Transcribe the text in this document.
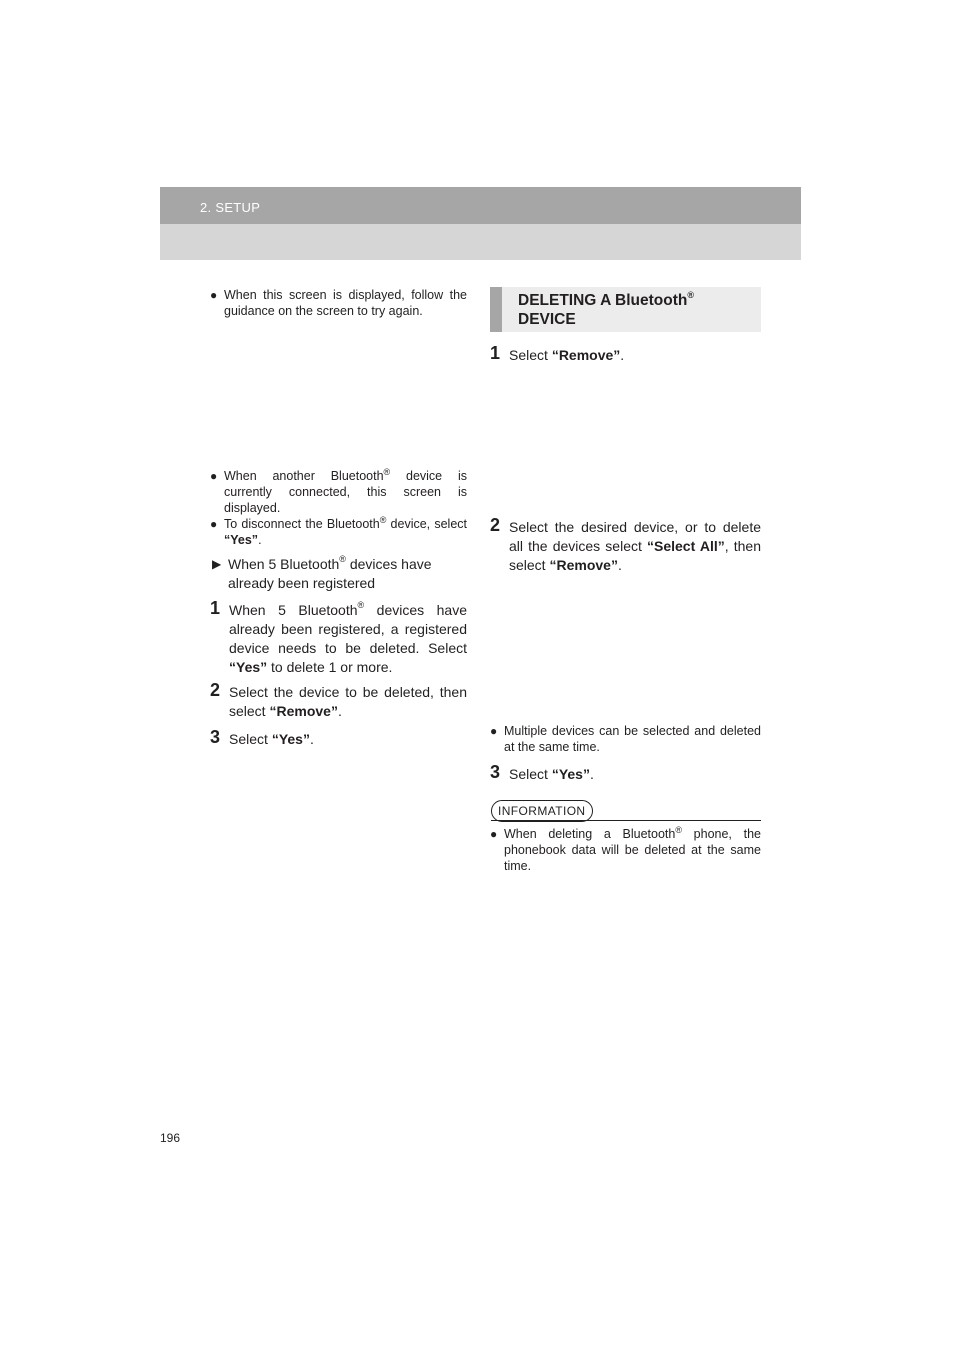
2. SETUP
● When this screen is displayed, follow the guidance on the screen to try again.
● When another Bluetooth® device is currently connected, this screen is displayed.
● To disconnect the Bluetooth® device, select “Yes”.
▶ When 5 Bluetooth® devices have already been registered
1 When 5 Bluetooth® devices have already been registered, a registered device needs to be deleted. Select “Yes” to delete 1 or more.
2 Select the device to be deleted, then select “Remove”.
3 Select “Yes”.
DELETING A Bluetooth®
DEVICE
1 Select “Remove”.
2 Select the desired device, or to delete all the devices select “Select All”, then select “Remove”.
● Multiple devices can be selected and deleted at the same time.
3 Select “Yes”.
INFORMATION
● When deleting a Bluetooth® phone, the phonebook data will be deleted at the same time.
196
